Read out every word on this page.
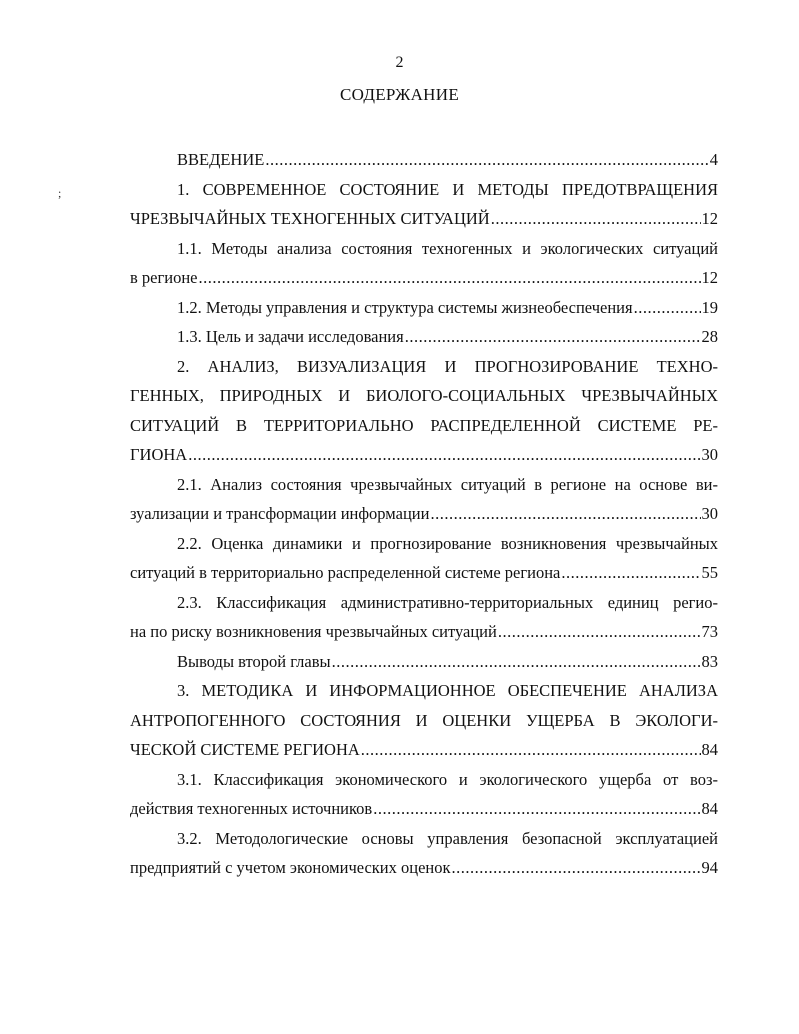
2
СОДЕРЖАНИЕ
ВВЕДЕНИЕ .....	4
1. СОВРЕМЕННОЕ СОСТОЯНИЕ И МЕТОДЫ ПРЕДОТВРАЩЕНИЯ
ЧРЕЗВЫЧАЙНЫХ ТЕХНОГЕННЫХ СИТУАЦИЙ .....	12
1.1. Методы анализа состояния техногенных и экологических ситуаций
в регионе .....	12
1.2. Методы управления и структура системы жизнеобеспечения .....	19
1.3. Цель и задачи исследования .....	28
2. АНАЛИЗ, ВИЗУАЛИЗАЦИЯ И ПРОГНОЗИРОВАНИЕ ТЕХНО-
ГЕННЫХ, ПРИРОДНЫХ И БИОЛОГО-СОЦИАЛЬНЫХ ЧРЕЗВЫЧАЙНЫХ
СИТУАЦИЙ В ТЕРРИТОРИАЛЬНО РАСПРЕДЕЛЕННОЙ СИСТЕМЕ РЕ-
ГИОНА .....	30
2.1. Анализ состояния чрезвычайных ситуаций в регионе на основе ви-
зуализации и трансформации информации .....	30
2.2. Оценка динамики и прогнозирование возникновения чрезвычайных
ситуаций в территориально распределенной системе региона .....	55
2.3. Классификация административно-территориальных единиц регио-
на по риску возникновения чрезвычайных ситуаций .....	73
Выводы второй главы .....	83
3. МЕТОДИКА И ИНФОРМАЦИОННОЕ ОБЕСПЕЧЕНИЕ АНАЛИЗА
АНТРОПОГЕННОГО СОСТОЯНИЯ И ОЦЕНКИ УЩЕРБА В ЭКОЛОГИ-
ЧЕСКОЙ СИСТЕМЕ РЕГИОНА .....	84
3.1. Классификация экономического и экологического ущерба от воз-
действия техногенных источников .....	84
3.2. Методологические основы управления безопасной эксплуатацией
предприятий с учетом экономических оценок .....	94
;
